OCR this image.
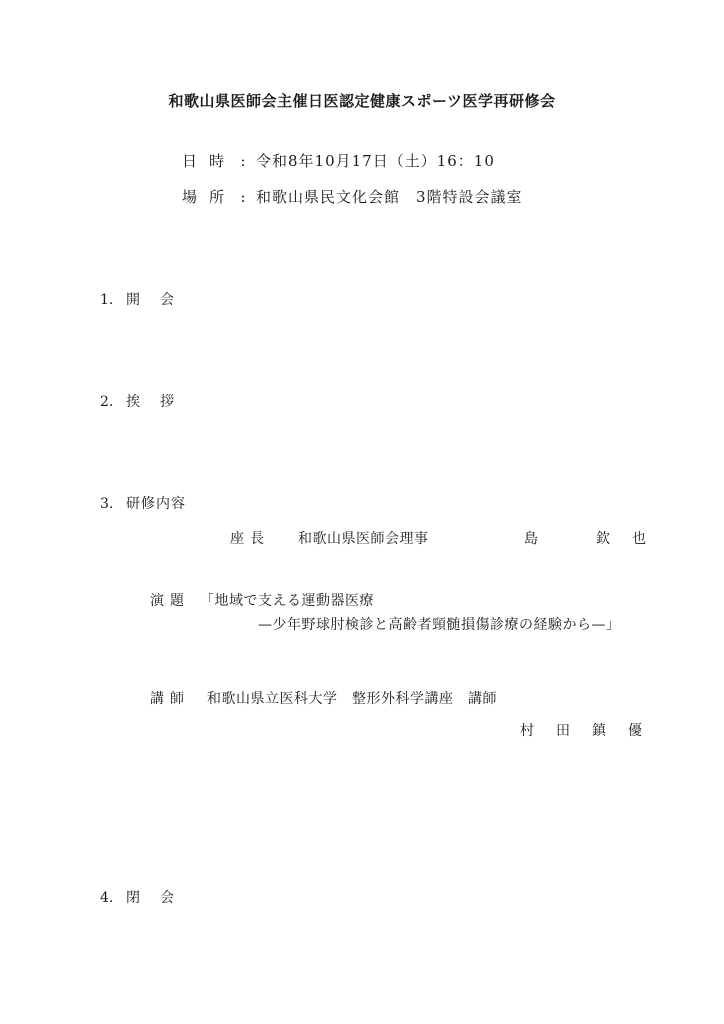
和歌山県医師会主催日医認定健康スポーツ医学再研修会
日時 : 令和8年10月17日（土）16：10
場所 : 和歌山県民文化会館　3階特設会議室
1. 開会
2. 挨拶
3. 研修内容
座長 和歌山県医師会理事	島　欽也
演題 「地域で支える運動器医療
—少年野球肘検診と高齢者頸髄損傷診療の経験から—」
講師 和歌山県立医科大学　整形外科学講座　講師
村田鎮優
4. 閉会
